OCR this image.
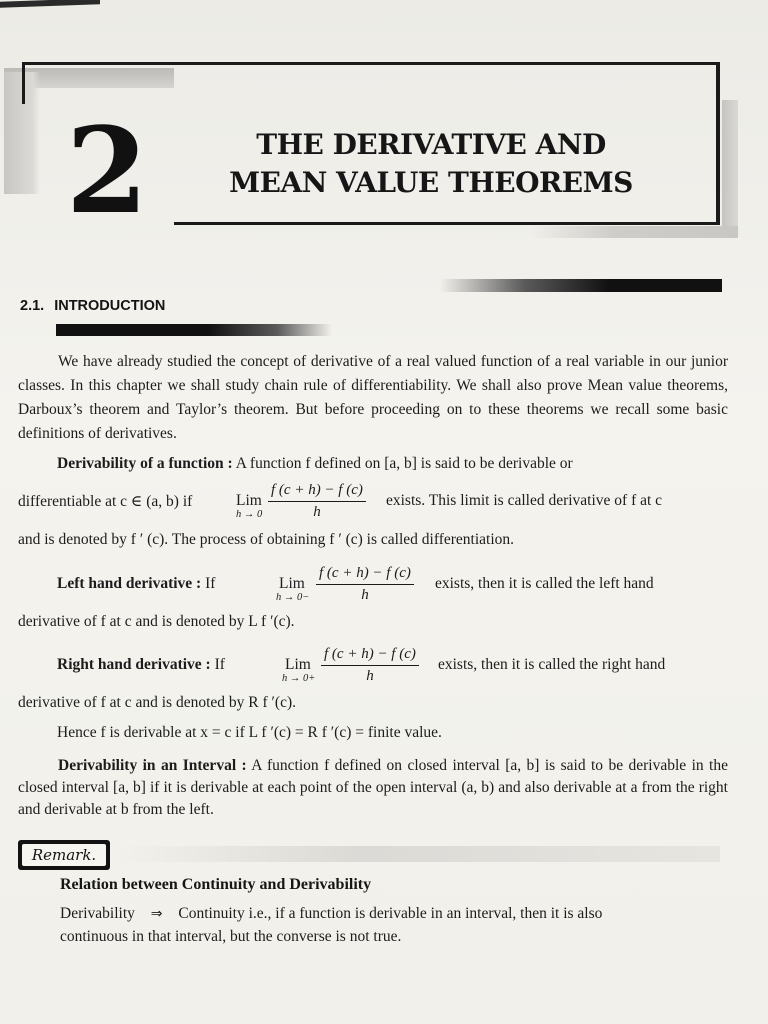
2	THE DERIVATIVE AND
MEAN VALUE THEOREMS
2.1. INTRODUCTION
We have already studied the concept of derivative of a real valued function of a real variable in our junior classes. In this chapter we shall study chain rule of differentiability. We shall also prove Mean value theorems, Darboux’s theorem and Taylor’s theorem. But before proceeding on to these theorems we recall some basic definitions of derivatives.
Derivability of a function : A function f defined on [a, b] is said to be derivable or
differentiable at c ∈ (a, b) if	Lim
$h \to 0 \frac{f (c + h) - f (c)}{h}$ exists. This limit is called derivative of f at c
and is denoted by f ′ (c). The process of obtaining f ′ (c) is called differentiation.
Left hand derivative : If	Lim
$h \to 0- \frac{f (c + h) - f (c)}{h}$ exists, then it is called the left hand
derivative of f at c and is denoted by L f ′(c).
Right hand derivative : If	Lim
$h \to 0+ \frac{f (c + h) - f (c)}{h}$ exists, then it is called the right hand
derivative of f at c and is denoted by R f ′(c).
Hence f is derivable at x = c if L f ′(c) = R f ′(c) = finite value.
Derivability in an Interval : A function f defined on closed interval [a, b] is said to be derivable in the closed interval [a, b] if it is derivable at each point of the open interval (a, b) and also derivable at a from the right and derivable at b from the left.
Remark.
Relation between Continuity and Derivability
Derivability ⇒ Continuity i.e., if a function is derivable in an interval, then it is also
continuous in that interval, but the converse is not true.
